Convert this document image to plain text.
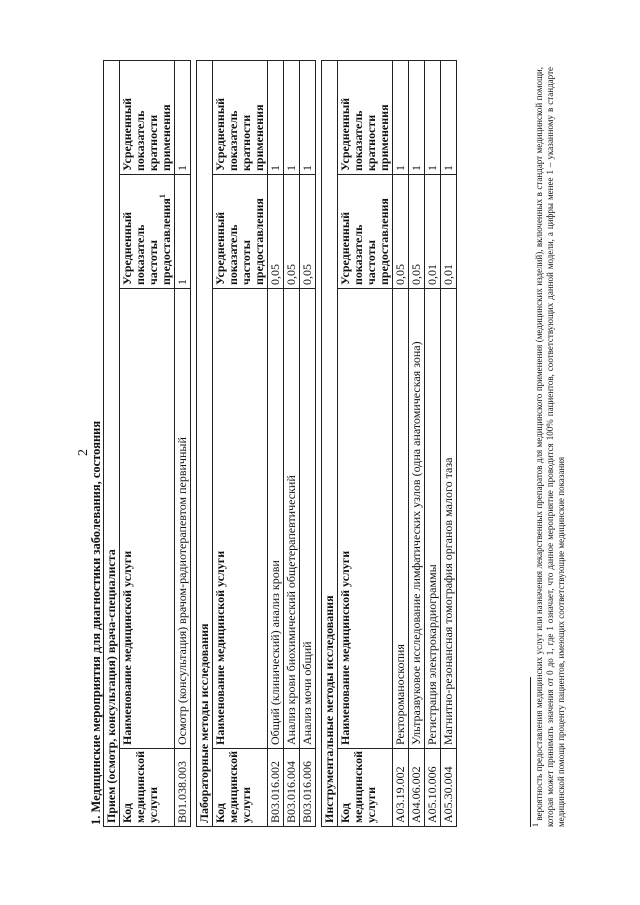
2

1. Медицинские мероприятия для диагностики заболевания, состояния Прием (осмотр, консультация) врача-специалиста			
Код медицинской услуги	Наименование медицинской услуги	Усредненный показатель частоты предоставления$^1$	Усредненный показатель кратности применения
B01.038.003	Осмотр (консультация) врачом-радиотерапевтом первичный	1	1

Лабораторные методы исследования			
Код медицинской услуги	Наименование медицинской услуги	Усредненный показатель частоты предоставления	Усредненный показатель кратности применения
B03.016.002	Общий (клинический) анализ крови	0,05	1
B03.016.004	Анализ крови биохимический общетерапевтический	0,05	1
B03.016.006	Анализ мочи общий	0,05	1

Инструментальные методы исследования			
Код медицинской услуги	Наименование медицинской услуги	Усредненный показатель частоты предоставления	Усредненный показатель кратности применения
A03.19.002	Ректороманоскопия	0,05	1
A04.06.002	Ультразвуковое исследование лимфатических узлов (одна анатомическая зона)	0,05	1
A05.10.006	Регистрация электрокардиограммы	0,01	1
A05.30.004	Магнитно-резонансная томография органов малого таза	0,01	1
1 вероятность предоставления медицинских услуг или назначения лекарственных препаратов для медицинского применения (медицинских изделий), включенных в стандарт медицинской помощи, которая может принимать значения от 0 до 1, где 1 означает, что данное мероприятие проводится 100% пациентов, соответствующих данной модели, а цифры менее 1 – указанному в стандарте медицинской помощи проценту пациентов, имеющих соответствующие медицинские показания
